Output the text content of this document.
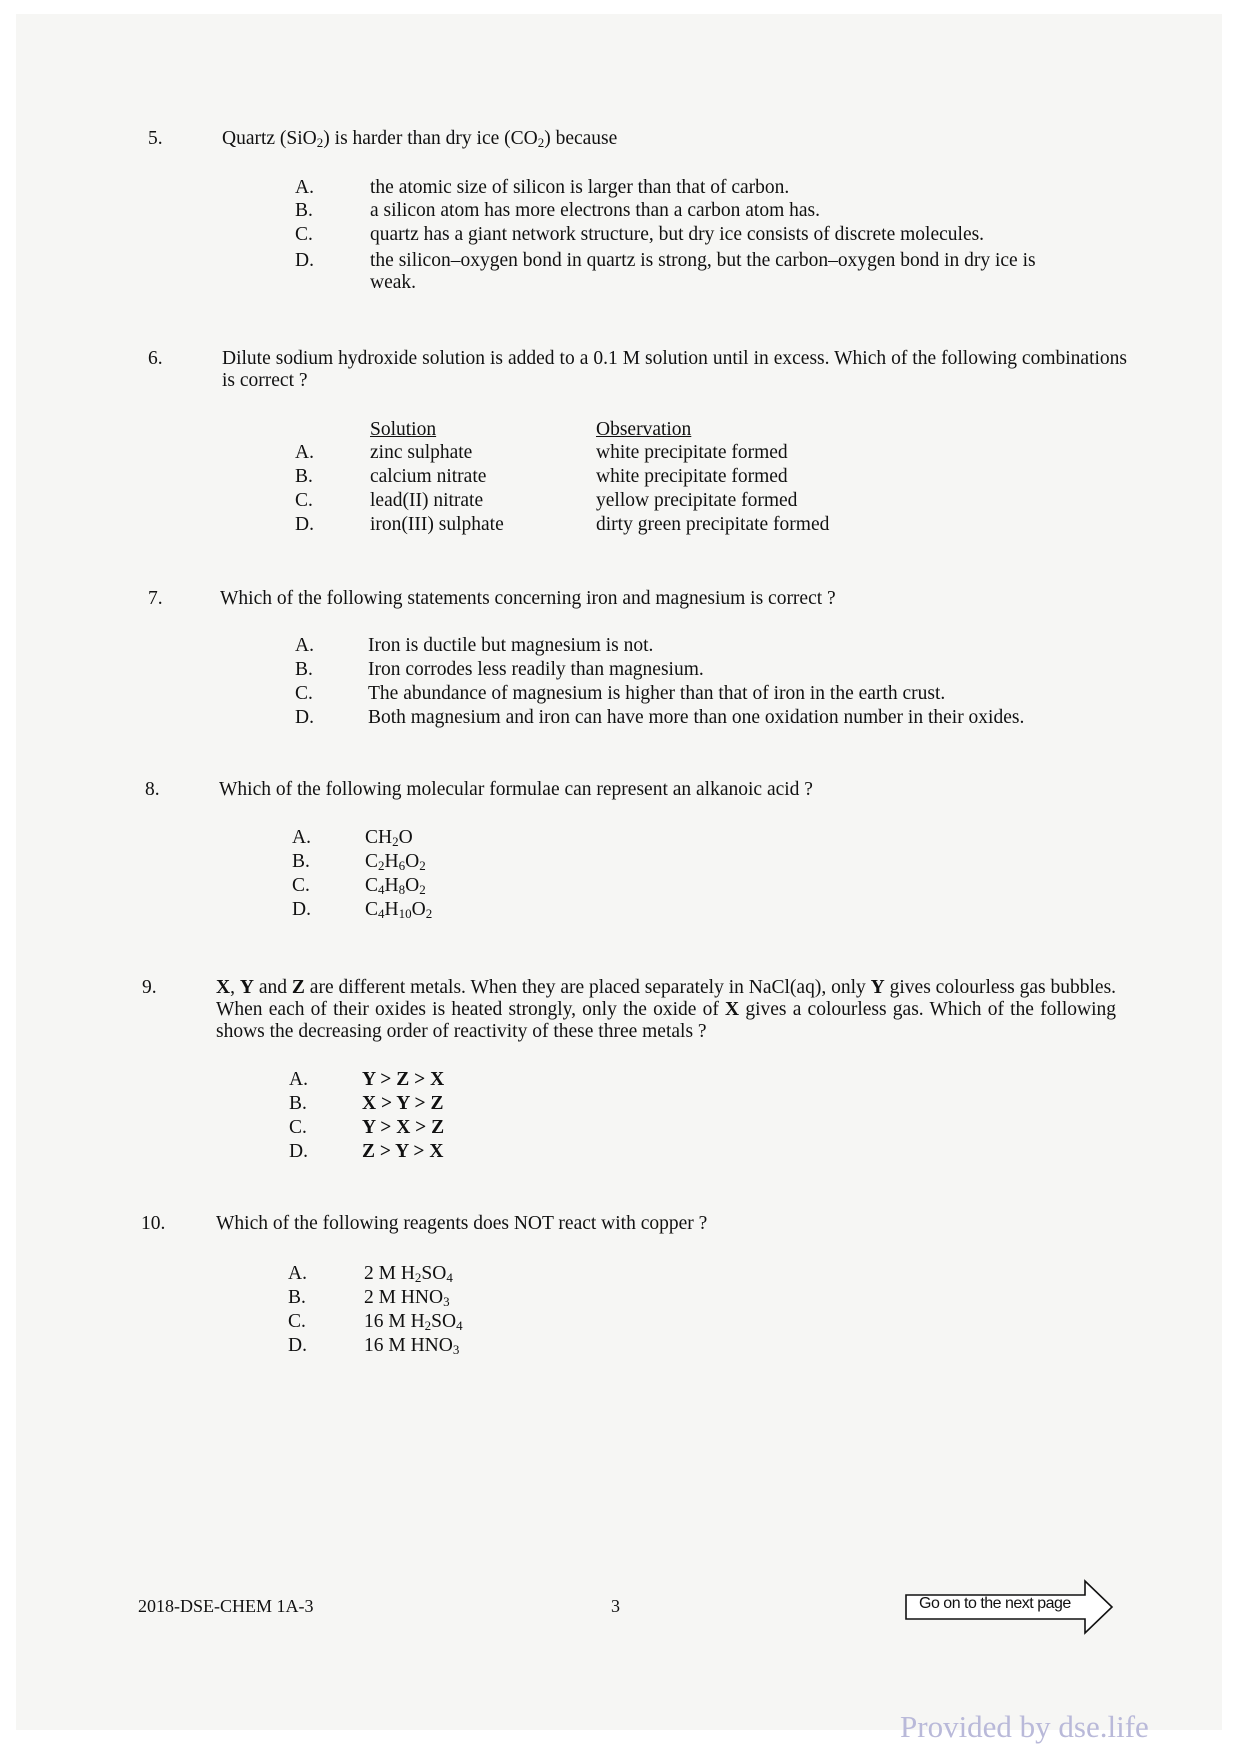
5.	Quartz (SiO$_2$) is harder than dry ice $(CO_2)$ because
A.	the atomic size of silicon is larger than that of carbon.
B.	a silicon atom has more electrons than a carbon atom has.
C.	quartz has a giant network structure, but dry ice consists of discrete molecules.
D.	the silicon–oxygen bond in quartz is strong, but the carbon–oxygen bond in dry ice is weak.
6.	Dilute sodium hydroxide solution is added to a 0.1 M solution until in excess. Which of the following combinations is correct ?
Solution	Observation
A.	zinc sulphate	white precipitate formed
B.	calcium nitrate	white precipitate formed
C.	lead(II) nitrate	yellow precipitate formed
D.	iron(III) sulphate	dirty green precipitate formed
7.	Which of the following statements concerning iron and magnesium is correct ?
A.	Iron is ductile but magnesium is not.
B.	Iron corrodes less readily than magnesium.
C.	The abundance of magnesium is higher than that of iron in the earth crust.
D.	Both magnesium and iron can have more than one oxidation number in their oxides.
8.	Which of the following molecular formulae can represent an alkanoic acid ?
A.	$CH_2O$
B.	$C_2H_6O_2$
C.	$C_4H_8O_2$
D.	$C_4H_{10}O_2$
9.	X, Y and Z are different metals. When they are placed separately in NaCl(aq), only Y gives colourless gas bubbles. When each of their oxides is heated strongly, only the oxide of X gives a colourless gas. Which of the following shows the decreasing order of reactivity of these three metals ?
A.	Y > Z > X
B.	X > Y > Z
C.	Y > X > Z
D.	Z > Y > X
10.	Which of the following reagents does NOT react with copper ?
A.	2 M $H_2SO_4$
B.	2 M $HNO_3$
C.	16 M $H_2SO_4$
D.	16 M $HNO_3$
2018-DSE-CHEM 1A-3	3	Go on to the next page
Provided by dse.life
